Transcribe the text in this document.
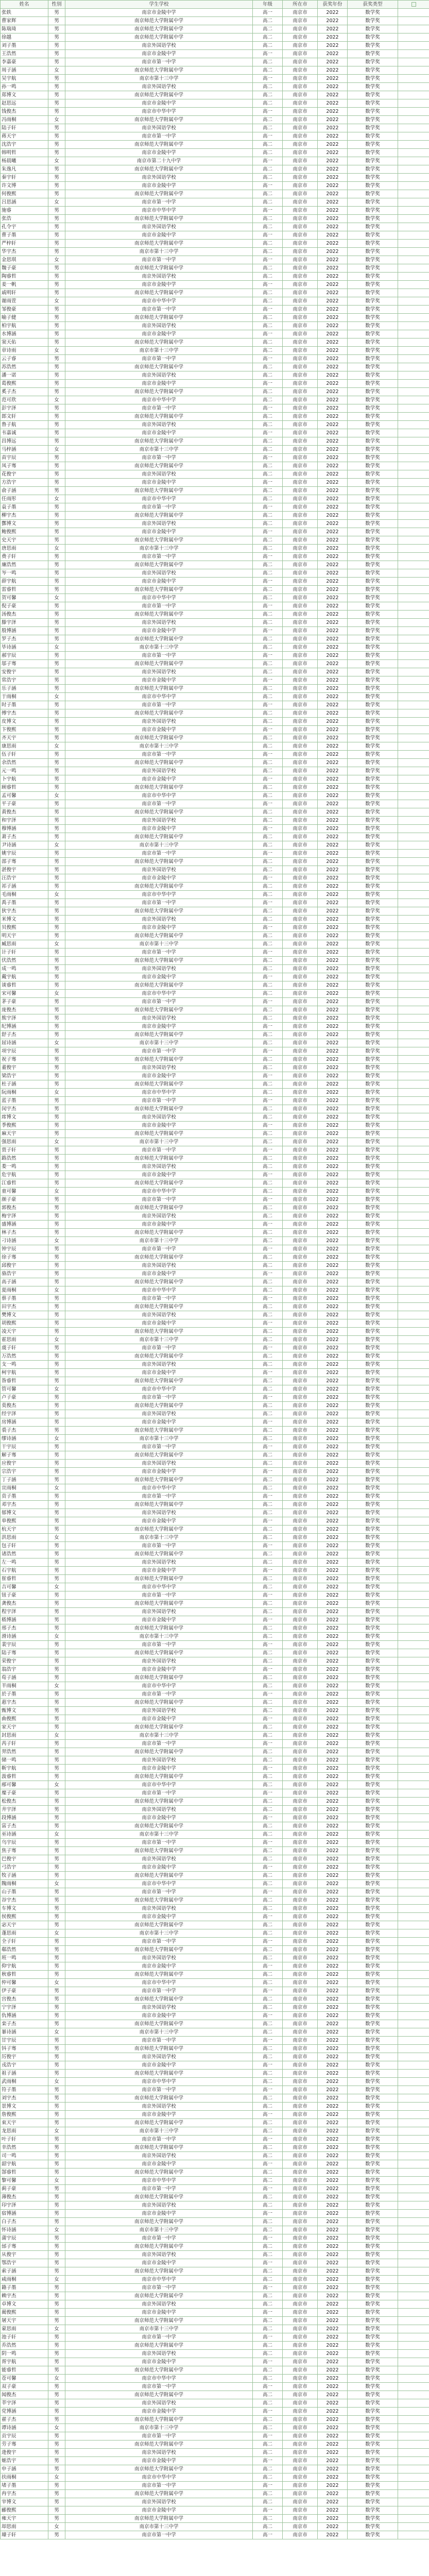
姓名	性别	学生学校	年级	所在市	获奖年份	获奖类型	
张轶	男	南京市金陵中学	高一	南京市	2022	数学奖	
曹家辉	男	南京师范大学附属中学	高二	南京市	2022	数学奖	
陈瑞琦	男	南京师范大学附属中学	高二	南京市	2022	数学奖	
徐越	男	南京师范大学附属中学	高二	南京市	2022	数学奖	
刘子墨	男	南京外国语学校	高二	南京市	2022	数学奖	
王浩然	男	南京市金陵中学	高一	南京市	2022	数学奖	
李嘉豪	男	南京市第一中学	高二	南京市	2022	数学奖	
周子涵	女	南京师范大学附属中学	高二	南京市	2022	数学奖	
吴宇航	男	南京市第十三中学	高一	南京市	2022	数学奖	
孙一鸣	男	南京外国语学校	高二	南京市	2022	数学奖	
郑博文	男	南京师范大学附属中学	高二	南京市	2022	数学奖	
赵思远	男	南京市金陵中学	高二	南京市	2022	数学奖	
钱俊杰	男	南京市中华中学	高一	南京市	2022	数学奖	
冯雨桐	女	南京师范大学附属中学	高二	南京市	2022	数学奖	
陆子轩	男	南京外国语学校	高二	南京市	2022	数学奖	
蒋天宇	男	南京市第一中学	高一	南京市	2022	数学奖	
沈浩宇	男	南京师范大学附属中学	高二	南京市	2022	数学奖	
韩明哲	男	南京市金陵中学	高二	南京市	2022	数学奖	
杨晨曦	女	南京市第二十九中学	高一	南京市	2022	数学奖	
朱逸凡	男	南京师范大学附属中学	高二	南京市	2022	数学奖	
秦宇轩	男	南京外国语学校	高二	南京市	2022	数学奖	
许文博	男	南京市金陵中学	高一	南京市	2022	数学奖	
何俊熙	男	南京师范大学附属中学	高二	南京市	2022	数学奖	
吕思涵	女	南京市第一中学	高二	南京市	2022	数学奖	
施睿	男	南京市中华中学	高一	南京市	2022	数学奖	
张浩	男	南京师范大学附属中学	高二	南京市	2022	数学奖	
孔令宇	男	南京外国语学校	高二	南京市	2022	数学奖	
曹子墨	男	南京市金陵中学	高一	南京市	2022	数学奖	
严梓轩	男	南京师范大学附属中学	高二	南京市	2022	数学奖	
华宇杰	男	南京市第十三中学	高二	南京市	2022	数学奖	
金思琪	女	南京市第一中学	高一	南京市	2022	数学奖	
魏子豪	男	南京师范大学附属中学	高二	南京市	2022	数学奖	
陶睿哲	男	南京外国语学校	高二	南京市	2022	数学奖	
姜一帆	男	南京市金陵中学	高一	南京市	2022	数学奖	
戚明轩	男	南京师范大学附属中学	高二	南京市	2022	数学奖	
谢雨萱	女	南京市中华中学	高二	南京市	2022	数学奖	
邹俊豪	男	南京市第一中学	高一	南京市	2022	数学奖	
喻子健	男	南京师范大学附属中学	高二	南京市	2022	数学奖	
柏宇航	男	南京外国语学校	高二	南京市	2022	数学奖	
水博涵	男	南京市金陵中学	高一	南京市	2022	数学奖	
窦天佑	男	南京师范大学附属中学	高二	南京市	2022	数学奖	
章诗雨	女	南京市第十三中学	高二	南京市	2022	数学奖	
云子睿	男	南京市第一中学	高一	南京市	2022	数学奖	
苏浩然	男	南京师范大学附属中学	高二	南京市	2022	数学奖	
潘一诺	男	南京外国语学校	高二	南京市	2022	数学奖	
葛俊熙	男	南京市金陵中学	高一	南京市	2022	数学奖	
奚子杰	男	南京师范大学附属中学	高二	南京市	2022	数学奖	
范可欣	女	南京市中华中学	高二	南京市	2022	数学奖	
彭宇泽	男	南京市第一中学	高一	南京市	2022	数学奖	
郎文轩	男	南京师范大学附属中学	高二	南京市	2022	数学奖	
鲁子航	男	南京外国语学校	高二	南京市	2022	数学奖	
韦嘉诚	男	南京市金陵中学	高一	南京市	2022	数学奖	
昌博远	男	南京师范大学附属中学	高二	南京市	2022	数学奖	
马梓涵	女	南京市第十三中学	高二	南京市	2022	数学奖	
苗宇辰	男	南京市第一中学	高一	南京市	2022	数学奖	
凤子骞	男	南京师范大学附属中学	高二	南京市	2022	数学奖	
花俊宇	男	南京外国语学校	高二	南京市	2022	数学奖	
方浩宇	男	南京市金陵中学	高一	南京市	2022	数学奖	
俞子涵	男	南京师范大学附属中学	高二	南京市	2022	数学奖	
任雨彤	女	南京市中华中学	高二	南京市	2022	数学奖	
袁子墨	男	南京市第一中学	高一	南京市	2022	数学奖	
柳宇杰	男	南京师范大学附属中学	高二	南京市	2022	数学奖	
酆博文	男	南京外国语学校	高二	南京市	2022	数学奖	
鲍俊熙	男	南京市金陵中学	高一	南京市	2022	数学奖	
史天宇	男	南京师范大学附属中学	高二	南京市	2022	数学奖	
唐思雨	女	南京市第十三中学	高二	南京市	2022	数学奖	
费子轩	男	南京市第一中学	高一	南京市	2022	数学奖	
廉浩然	男	南京师范大学附属中学	高二	南京市	2022	数学奖	
岑一鸣	男	南京外国语学校	高二	南京市	2022	数学奖	
薛宇航	男	南京市金陵中学	高一	南京市	2022	数学奖	
雷睿哲	男	南京师范大学附属中学	高二	南京市	2022	数学奖	
贺可馨	女	南京市中华中学	高二	南京市	2022	数学奖	
倪子豪	男	南京市第一中学	高一	南京市	2022	数学奖	
汤俊杰	男	南京师范大学附属中学	高二	南京市	2022	数学奖	
滕宇泽	男	南京外国语学校	高二	南京市	2022	数学奖	
殷博涵	男	南京市金陵中学	高一	南京市	2022	数学奖	
罗子杰	男	南京师范大学附属中学	高二	南京市	2022	数学奖	
毕诗涵	女	南京市第十三中学	高二	南京市	2022	数学奖	
郝宇辰	男	南京市第一中学	高一	南京市	2022	数学奖	
邬子骞	男	南京师范大学附属中学	高二	南京市	2022	数学奖	
安俊宇	男	南京外国语学校	高二	南京市	2022	数学奖	
常浩宇	男	南京市金陵中学	高一	南京市	2022	数学奖	
乐子涵	男	南京师范大学附属中学	高二	南京市	2022	数学奖	
于雨桐	女	南京市中华中学	高二	南京市	2022	数学奖	
时子墨	男	南京市第一中学	高一	南京市	2022	数学奖	
傅宇杰	男	南京师范大学附属中学	高二	南京市	2022	数学奖	
皮博文	男	南京外国语学校	高二	南京市	2022	数学奖	
卞俊熙	男	南京市金陵中学	高一	南京市	2022	数学奖	
齐天宇	男	南京师范大学附属中学	高二	南京市	2022	数学奖	
康思雨	女	南京市第十三中学	高二	南京市	2022	数学奖	
伍子轩	男	南京市第一中学	高一	南京市	2022	数学奖	
余浩然	男	南京师范大学附属中学	高二	南京市	2022	数学奖	
元一鸣	男	南京外国语学校	高二	南京市	2022	数学奖	
卜宇航	男	南京市金陵中学	高一	南京市	2022	数学奖	
顾睿哲	男	南京师范大学附属中学	高二	南京市	2022	数学奖	
孟可馨	女	南京市中华中学	高二	南京市	2022	数学奖	
平子豪	男	南京市第一中学	高一	南京市	2022	数学奖	
黄俊杰	男	南京师范大学附属中学	高二	南京市	2022	数学奖	
和宇泽	男	南京外国语学校	高二	南京市	2022	数学奖	
穆博涵	男	南京市金陵中学	高一	南京市	2022	数学奖	
萧子杰	男	南京师范大学附属中学	高二	南京市	2022	数学奖	
尹诗涵	女	南京市第十三中学	高二	南京市	2022	数学奖	
姚宇辰	男	南京市第一中学	高一	南京市	2022	数学奖	
邵子骞	男	南京师范大学附属中学	高二	南京市	2022	数学奖	
湛俊宇	男	南京外国语学校	高二	南京市	2022	数学奖	
汪浩宇	男	南京市金陵中学	高一	南京市	2022	数学奖	
祁子涵	男	南京师范大学附属中学	高二	南京市	2022	数学奖	
毛雨桐	女	南京市中华中学	高二	南京市	2022	数学奖	
禹子墨	男	南京市第一中学	高一	南京市	2022	数学奖	
狄宇杰	男	南京师范大学附属中学	高二	南京市	2022	数学奖	
米博文	男	南京外国语学校	高二	南京市	2022	数学奖	
贝俊熙	男	南京市金陵中学	高一	南京市	2022	数学奖	
明天宇	男	南京师范大学附属中学	高二	南京市	2022	数学奖	
臧思雨	女	南京市第十三中学	高二	南京市	2022	数学奖	
计子轩	男	南京市第一中学	高一	南京市	2022	数学奖	
伏浩然	男	南京师范大学附属中学	高二	南京市	2022	数学奖	
成一鸣	男	南京外国语学校	高二	南京市	2022	数学奖	
戴宇航	男	南京市金陵中学	高一	南京市	2022	数学奖	
谈睿哲	男	南京师范大学附属中学	高二	南京市	2022	数学奖	
宋可馨	女	南京市中华中学	高二	南京市	2022	数学奖	
茅子豪	男	南京市第一中学	高一	南京市	2022	数学奖	
庞俊杰	男	南京师范大学附属中学	高二	南京市	2022	数学奖	
熊宇泽	男	南京外国语学校	高二	南京市	2022	数学奖	
纪博涵	男	南京市金陵中学	高一	南京市	2022	数学奖	
舒子杰	男	南京师范大学附属中学	高二	南京市	2022	数学奖	
屈诗涵	女	南京市第十三中学	高二	南京市	2022	数学奖	
项宇辰	男	南京市第一中学	高一	南京市	2022	数学奖	
祝子骞	男	南京师范大学附属中学	高二	南京市	2022	数学奖	
董俊宇	男	南京外国语学校	高二	南京市	2022	数学奖	
梁浩宇	男	南京市金陵中学	高一	南京市	2022	数学奖	
杜子涵	男	南京师范大学附属中学	高二	南京市	2022	数学奖	
阮雨桐	女	南京市中华中学	高二	南京市	2022	数学奖	
蓝子墨	男	南京市第一中学	高一	南京市	2022	数学奖	
闵宇杰	男	南京师范大学附属中学	高二	南京市	2022	数学奖	
席博文	男	南京外国语学校	高二	南京市	2022	数学奖	
季俊熙	男	南京市金陵中学	高一	南京市	2022	数学奖	
麻天宇	男	南京师范大学附属中学	高二	南京市	2022	数学奖	
强思雨	女	南京市第十三中学	高二	南京市	2022	数学奖	
贾子轩	男	南京市第一中学	高一	南京市	2022	数学奖	
路浩然	男	南京师范大学附属中学	高二	南京市	2022	数学奖	
娄一鸣	男	南京外国语学校	高二	南京市	2022	数学奖	
危宇航	男	南京市金陵中学	高一	南京市	2022	数学奖	
江睿哲	男	南京师范大学附属中学	高二	南京市	2022	数学奖	
童可馨	女	南京市中华中学	高二	南京市	2022	数学奖	
颜子豪	男	南京市第一中学	高一	南京市	2022	数学奖	
郭俊杰	男	南京师范大学附属中学	高二	南京市	2022	数学奖	
梅宇泽	男	南京外国语学校	高二	南京市	2022	数学奖	
盛博涵	男	南京市金陵中学	高一	南京市	2022	数学奖	
林子杰	男	南京师范大学附属中学	高二	南京市	2022	数学奖	
刁诗涵	女	南京市第十三中学	高二	南京市	2022	数学奖	
钟宇辰	男	南京市第一中学	高一	南京市	2022	数学奖	
徐子骞	男	南京师范大学附属中学	高二	南京市	2022	数学奖	
邱俊宇	男	南京外国语学校	高二	南京市	2022	数学奖	
骆浩宇	男	南京市金陵中学	高一	南京市	2022	数学奖	
高子涵	男	南京师范大学附属中学	高二	南京市	2022	数学奖	
夏雨桐	女	南京市中华中学	高二	南京市	2022	数学奖	
蔡子墨	男	南京市第一中学	高一	南京市	2022	数学奖	
田宇杰	男	南京师范大学附属中学	高二	南京市	2022	数学奖	
樊博文	男	南京外国语学校	高二	南京市	2022	数学奖	
胡俊熙	男	南京市金陵中学	高一	南京市	2022	数学奖	
凌天宇	男	南京师范大学附属中学	高二	南京市	2022	数学奖	
霍思雨	女	南京市第十三中学	高二	南京市	2022	数学奖	
虞子轩	男	南京市第一中学	高一	南京市	2022	数学奖	
万浩然	男	南京师范大学附属中学	高二	南京市	2022	数学奖	
支一鸣	男	南京外国语学校	高二	南京市	2022	数学奖	
柯宇航	男	南京市金陵中学	高一	南京市	2022	数学奖	
昝睿哲	男	南京师范大学附属中学	高二	南京市	2022	数学奖	
管可馨	女	南京市中华中学	高二	南京市	2022	数学奖	
卢子豪	男	南京市第一中学	高一	南京市	2022	数学奖	
莫俊杰	男	南京师范大学附属中学	高二	南京市	2022	数学奖	
经宇泽	男	南京外国语学校	高二	南京市	2022	数学奖	
房博涵	男	南京市金陵中学	高一	南京市	2022	数学奖	
裘子杰	男	南京师范大学附属中学	高二	南京市	2022	数学奖	
缪诗涵	女	南京市第十三中学	高二	南京市	2022	数学奖	
干宇辰	男	南京市第一中学	高一	南京市	2022	数学奖	
解子骞	男	南京师范大学附属中学	高二	南京市	2022	数学奖	
应俊宇	男	南京外国语学校	高二	南京市	2022	数学奖	
宗浩宇	男	南京市金陵中学	高一	南京市	2022	数学奖	
丁子涵	男	南京师范大学附属中学	高二	南京市	2022	数学奖	
宣雨桐	女	南京市中华中学	高二	南京市	2022	数学奖	
贲子墨	男	南京市第一中学	高一	南京市	2022	数学奖	
邓宇杰	男	南京师范大学附属中学	高二	南京市	2022	数学奖	
郁博文	男	南京外国语学校	高二	南京市	2022	数学奖	
单俊熙	男	南京市金陵中学	高一	南京市	2022	数学奖	
杭天宇	男	南京师范大学附属中学	高二	南京市	2022	数学奖	
洪思雨	女	南京市第十三中学	高二	南京市	2022	数学奖	
包子轩	男	南京市第一中学	高一	南京市	2022	数学奖	
诸浩然	男	南京师范大学附属中学	高二	南京市	2022	数学奖	
左一鸣	男	南京外国语学校	高二	南京市	2022	数学奖	
石宇航	男	南京市金陵中学	高一	南京市	2022	数学奖	
崔睿哲	男	南京师范大学附属中学	高二	南京市	2022	数学奖	
吉可馨	女	南京市中华中学	高二	南京市	2022	数学奖	
钮子豪	男	南京市第一中学	高一	南京市	2022	数学奖	
龚俊杰	男	南京师范大学附属中学	高二	南京市	2022	数学奖	
程宇泽	男	南京外国语学校	高二	南京市	2022	数学奖	
嵇博涵	男	南京市金陵中学	高一	南京市	2022	数学奖	
邢子杰	男	南京师范大学附属中学	高二	南京市	2022	数学奖	
滑诗涵	女	南京市第十三中学	高二	南京市	2022	数学奖	
裴宇辰	男	南京市第一中学	高一	南京市	2022	数学奖	
陆子骞	男	南京师范大学附属中学	高二	南京市	2022	数学奖	
荣俊宇	男	南京外国语学校	高二	南京市	2022	数学奖	
翁浩宇	男	南京市金陵中学	高一	南京市	2022	数学奖	
荀子涵	男	南京师范大学附属中学	高二	南京市	2022	数学奖	
羊雨桐	女	南京市中华中学	高二	南京市	2022	数学奖	
於子墨	男	南京市第一中学	高一	南京市	2022	数学奖	
惠宇杰	男	南京师范大学附属中学	高二	南京市	2022	数学奖	
甄博文	男	南京外国语学校	高二	南京市	2022	数学奖	
曲俊熙	男	南京市金陵中学	高一	南京市	2022	数学奖	
家天宇	男	南京师范大学附属中学	高二	南京市	2022	数学奖	
封思雨	女	南京市第十三中学	高二	南京市	2022	数学奖	
芮子轩	男	南京市第一中学	高一	南京市	2022	数学奖	
羿浩然	男	南京师范大学附属中学	高二	南京市	2022	数学奖	
储一鸣	男	南京外国语学校	高二	南京市	2022	数学奖	
靳宇航	男	南京市金陵中学	高一	南京市	2022	数学奖	
汲睿哲	男	南京师范大学附属中学	高二	南京市	2022	数学奖	
邴可馨	女	南京市中华中学	高二	南京市	2022	数学奖	
糜子豪	男	南京市第一中学	高一	南京市	2022	数学奖	
松俊杰	男	南京师范大学附属中学	高二	南京市	2022	数学奖	
井宇泽	男	南京外国语学校	高二	南京市	2022	数学奖	
段博涵	男	南京市金陵中学	高一	南京市	2022	数学奖	
富子杰	男	南京师范大学附属中学	高二	南京市	2022	数学奖	
巫诗涵	女	南京市第十三中学	高二	南京市	2022	数学奖	
乌宇辰	男	南京市第一中学	高一	南京市	2022	数学奖	
焦子骞	男	南京师范大学附属中学	高二	南京市	2022	数学奖	
巴俊宇	男	南京外国语学校	高二	南京市	2022	数学奖	
弓浩宇	男	南京市金陵中学	高一	南京市	2022	数学奖	
牧子涵	男	南京师范大学附属中学	高二	南京市	2022	数学奖	
隗雨桐	女	南京市中华中学	高二	南京市	2022	数学奖	
山子墨	男	南京市第一中学	高一	南京市	2022	数学奖	
谷宇杰	男	南京师范大学附属中学	高二	南京市	2022	数学奖	
车博文	男	南京外国语学校	高二	南京市	2022	数学奖	
侯俊熙	男	南京市金陵中学	高一	南京市	2022	数学奖	
宓天宇	男	南京师范大学附属中学	高二	南京市	2022	数学奖	
蓬思雨	女	南京市第十三中学	高二	南京市	2022	数学奖	
全子轩	男	南京市第一中学	高一	南京市	2022	数学奖	
郗浩然	男	南京师范大学附属中学	高二	南京市	2022	数学奖	
班一鸣	男	南京外国语学校	高二	南京市	2022	数学奖	
仰宇航	男	南京市金陵中学	高一	南京市	2022	数学奖	
秋睿哲	男	南京师范大学附属中学	高二	南京市	2022	数学奖	
仲可馨	女	南京市中华中学	高二	南京市	2022	数学奖	
伊子豪	男	南京市第一中学	高一	南京市	2022	数学奖	
宫俊杰	男	南京师范大学附属中学	高二	南京市	2022	数学奖	
宁宇泽	男	南京外国语学校	高二	南京市	2022	数学奖	
仇博涵	男	南京市金陵中学	高一	南京市	2022	数学奖	
栾子杰	男	南京师范大学附属中学	高二	南京市	2022	数学奖	
暴诗涵	女	南京市第十三中学	高二	南京市	2022	数学奖	
甘宇辰	男	南京市第一中学	高一	南京市	2022	数学奖	
钭子骞	男	南京师范大学附属中学	高二	南京市	2022	数学奖	
厉俊宇	男	南京外国语学校	高二	南京市	2022	数学奖	
戎浩宇	男	南京市金陵中学	高一	南京市	2022	数学奖	
祖子涵	男	南京师范大学附属中学	高二	南京市	2022	数学奖	
武雨桐	女	南京市中华中学	高二	南京市	2022	数学奖	
符子墨	男	南京市第一中学	高一	南京市	2022	数学奖	
刘宇杰	男	南京师范大学附属中学	高二	南京市	2022	数学奖	
景博文	男	南京外国语学校	高二	南京市	2022	数学奖	
詹俊熙	男	南京市金陵中学	高一	南京市	2022	数学奖	
束天宇	男	南京师范大学附属中学	高二	南京市	2022	数学奖	
龙思雨	女	南京市第十三中学	高二	南京市	2022	数学奖	
叶子轩	男	南京市第一中学	高一	南京市	2022	数学奖	
幸浩然	男	南京师范大学附属中学	高二	南京市	2022	数学奖	
司一鸣	男	南京外国语学校	高二	南京市	2022	数学奖	
韶宇航	男	南京市金陵中学	高一	南京市	2022	数学奖	
郜睿哲	男	南京师范大学附属中学	高二	南京市	2022	数学奖	
黎可馨	女	南京市中华中学	高二	南京市	2022	数学奖	
蓟子豪	男	南京市第一中学	高一	南京市	2022	数学奖	
薄俊杰	男	南京师范大学附属中学	高二	南京市	2022	数学奖	
印宇泽	男	南京外国语学校	高二	南京市	2022	数学奖	
宿博涵	男	南京市金陵中学	高一	南京市	2022	数学奖	
白子杰	男	南京师范大学附属中学	高二	南京市	2022	数学奖	
怀诗涵	女	南京市第十三中学	高二	南京市	2022	数学奖	
蒲宇辰	男	南京市第一中学	高一	南京市	2022	数学奖	
邰子骞	男	南京师范大学附属中学	高二	南京市	2022	数学奖	
从俊宇	男	南京外国语学校	高二	南京市	2022	数学奖	
鄂浩宇	男	南京市金陵中学	高一	南京市	2022	数学奖	
索子涵	男	南京师范大学附属中学	高二	南京市	2022	数学奖	
咸雨桐	女	南京市中华中学	高二	南京市	2022	数学奖	
籍子墨	男	南京市第一中学	高一	南京市	2022	数学奖	
赖宇杰	男	南京师范大学附属中学	高二	南京市	2022	数学奖	
卓博文	男	南京外国语学校	高二	南京市	2022	数学奖	
蔺俊熙	男	南京市金陵中学	高一	南京市	2022	数学奖	
屠天宇	男	南京师范大学附属中学	高二	南京市	2022	数学奖	
蒙思雨	女	南京市第十三中学	高二	南京市	2022	数学奖	
池子轩	男	南京市第一中学	高一	南京市	2022	数学奖	
乔浩然	男	南京师范大学附属中学	高二	南京市	2022	数学奖	
阴一鸣	男	南京外国语学校	高二	南京市	2022	数学奖	
胥宇航	男	南京市金陵中学	高一	南京市	2022	数学奖	
能睿哲	男	南京师范大学附属中学	高二	南京市	2022	数学奖	
苍可馨	女	南京市中华中学	高二	南京市	2022	数学奖	
双子豪	男	南京市第一中学	高一	南京市	2022	数学奖	
闻俊杰	男	南京师范大学附属中学	高二	南京市	2022	数学奖	
莘宇泽	男	南京外国语学校	高二	南京市	2022	数学奖	
党博涵	男	南京市金陵中学	高一	南京市	2022	数学奖	
翟子杰	男	南京师范大学附属中学	高二	南京市	2022	数学奖	
谭诗涵	女	南京市第十三中学	高二	南京市	2022	数学奖	
贡宇辰	男	南京市第一中学	高一	南京市	2022	数学奖	
劳子骞	男	南京师范大学附属中学	高二	南京市	2022	数学奖	
逄俊宇	男	南京外国语学校	高二	南京市	2022	数学奖	
姬浩宇	男	南京市金陵中学	高一	南京市	2022	数学奖	
申子涵	男	南京师范大学附属中学	高二	南京市	2022	数学奖	
扶雨桐	女	南京市中华中学	高二	南京市	2022	数学奖	
堵子墨	男	南京市第一中学	高一	南京市	2022	数学奖	
冉宇杰	男	南京师范大学附属中学	高二	南京市	2022	数学奖	
宰博文	男	南京外国语学校	高二	南京市	2022	数学奖	
郦俊熙	男	南京市金陵中学	高一	南京市	2022	数学奖	
雍天宇	男	南京师范大学附属中学	高二	南京市	2022	数学奖	
却思雨	女	南京市第十三中学	高二	南京市	2022	数学奖	
璩子轩	男	南京市第一中学	高一	南京市	2022	数学奖	
